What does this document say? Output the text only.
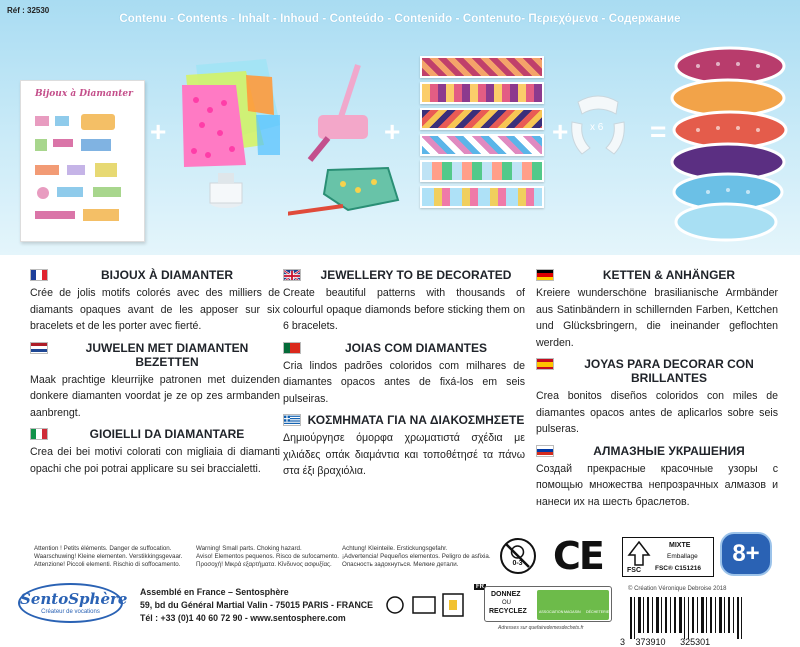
Réf : 32530
Contenu - Contents - Inhalt - Inhoud - Conteúdo - Contenido - Contenuto- Περιεχόμενα - Содержание
Bijoux à Diamanter
+	+	+ x 6 =
BIJOUX À DIAMANTER
Crée de jolis motifs colorés avec des milliers de diamants opaques avant de les apposer sur six bracelets et de les porter avec fierté.
JUWELEN MET DIAMANTEN BEZETTEN
Maak prachtige kleurrijke patronen met duizenden donkere diamanten voordat je ze op zes armbanden aanbrengt.
GIOIELLI DA DIAMANTARE
Crea dei bei motivi colorati con migliaia di diamanti opachi che poi potrai applicare su sei braccialetti.
JEWELLERY TO BE DECORATED
Create beautiful patterns with thousands of colourful opaque diamonds before sticking them on 6 bracelets.
JOIAS COM DIAMANTES
Cria lindos padrões coloridos com milhares de diamantes opacos antes de fixá-los em seis pulseiras.
ΚΟΣΜΗΜΑΤΑ ΓΙΑ ΝΑ ΔΙΑΚΟΣΜΗΣΕΤΕ
Δημιούργησε όμορφα χρωματιστά σχέδια με χιλιάδες οπάκ διαμάντια και τοποθέτησέ τα πάνω στα έξι βραχιόλια.
KETTEN & ANHÄNGER
Kreiere wunderschöne brasilianische Armbänder aus Satinbändern in schillernden Farben, Kettchen und Glücksbringern, die ineinander geflochten werden.
JOYAS PARA DECORAR CON BRILLANTES
Crea bonitos diseños coloridos con miles de diamantes opacos antes de aplicarlos sobre seis pulseras.
АЛМАЗНЫЕ УКРАШЕНИЯ
Создай прекрасные красочные узоры с помощью множества непрозрачных алмазов и нанеси их на шесть браслетов.
Attention ! Petits éléments. Danger de suffocation.
Waarschuwing! Kleine elementen. Verstikkingsgevaar.
Attenzione! Piccoli elementi. Rischio di soffocamento.
Warning! Small parts. Choking hazard.
Aviso! Elementos pequenos. Risco de sufocamento.
Προσοχή! Μικρά εξαρτήματα. Κίνδυνος ασφυξίας.
Achtung! Kleinteile. Erstickungsgefahr.
¡Advertencia! Pequeños elementos. Peligro de asfixia.
Опасность задохнуться. Мелкие детали.	0-3 CE	FSC
MIXTE
Emballage
FSC® C151216
8+
SentoSphère
Créateur de vocations
Assemblé en France – Sentosphère
59, bd du Général Martial Valin - 75015 PARIS - FRANCE
Tél : +33 (0)1 40 60 72 90 - www.sentosphere.com
FR
DONNEZ
OU
RECYCLEZ	ASSOCIATION MAGASIN DÉCHETERIE
Adresses sur quefairedemesdechets.fr
© Création Véronique Debroise 2018
3 373910 325301
